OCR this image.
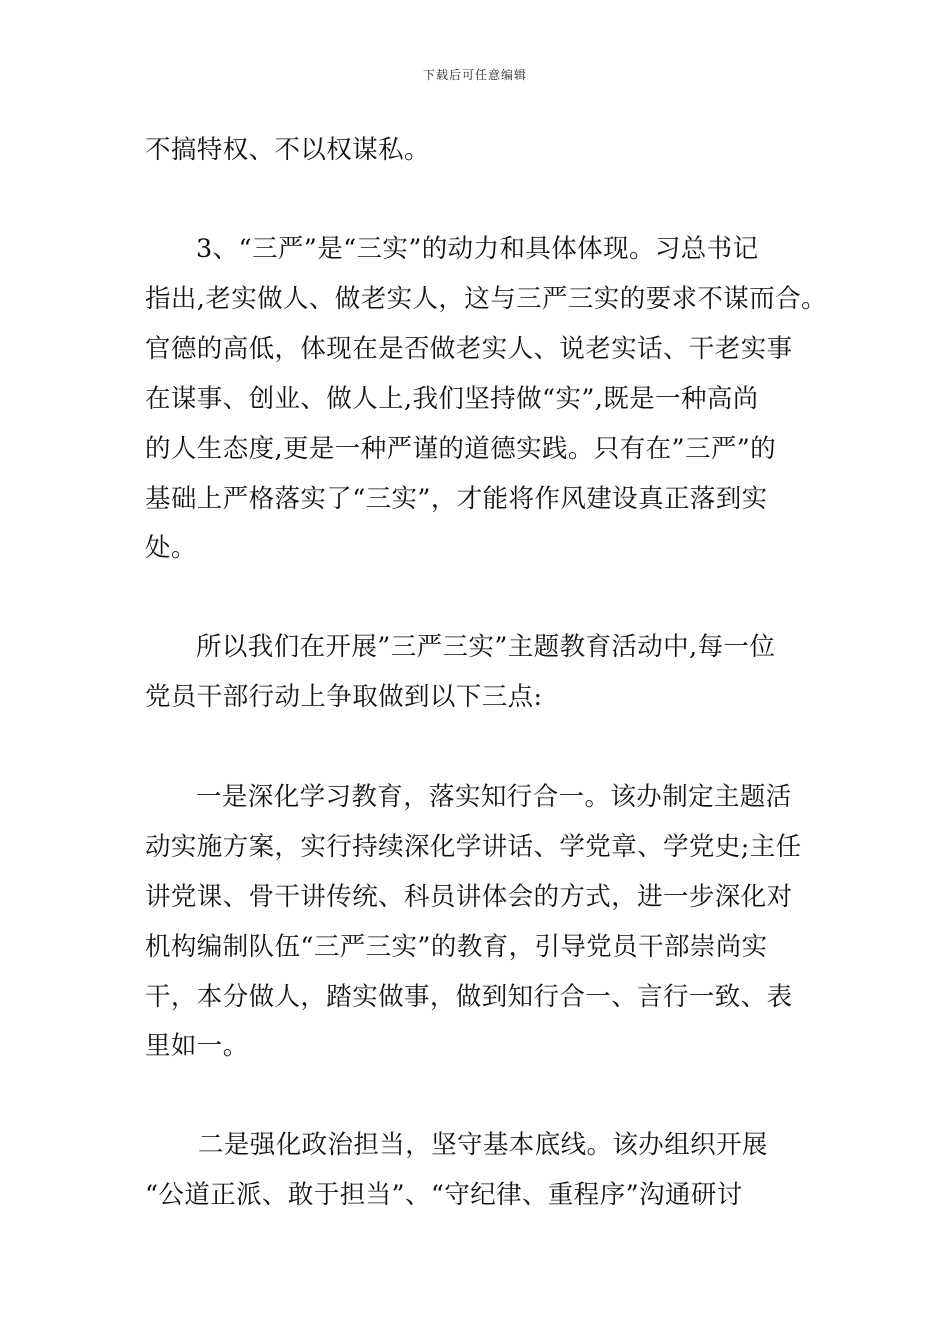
下载后可任意编辑
不搞特权、不以权谋私。
3、“三严”是“三实”的动力和具体体现。习总书记
指出,老实做人、做老实人，这与三严三实的要求不谋而合。
官德的高低，体现在是否做老实人、说老实话、干老实事
在谋事、创业、做人上,我们坚持做“实”,既是一种高尚
的人生态度,更是一种严谨的道德实践。只有在”三严”的
基础上严格落实了“三实”，才能将作风建设真正落到实
处。
所以我们在开展”三严三实”主题教育活动中,每一位
党员干部行动上争取做到以下三点:
一是深化学习教育，落实知行合一。该办制定主题活
动实施方案，实行持续深化学讲话、学党章、学党史;主任
讲党课、骨干讲传统、科员讲体会的方式，进一步深化对
机构编制队伍“三严三实”的教育，引导党员干部崇尚实
干，本分做人，踏实做事，做到知行合一、言行一致、表
里如一。
二是强化政治担当，坚守基本底线。该办组织开展
“公道正派、敢于担当”、“守纪律、重程序”沟通研讨
